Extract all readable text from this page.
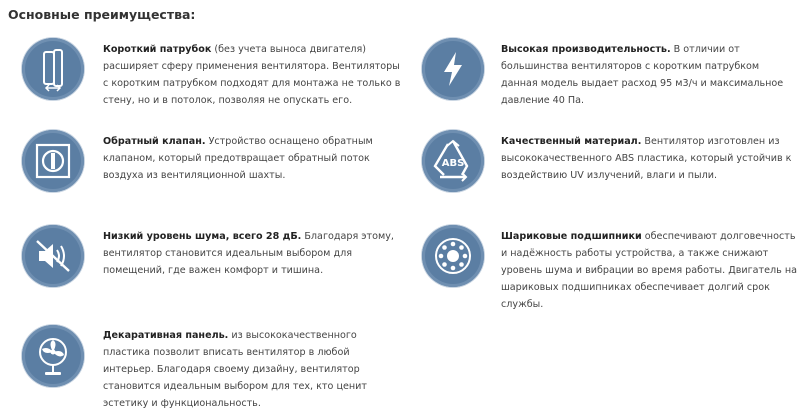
Основные преимущества:
Короткий патрубок (без учета выноса двигателя) расширяет сферу применения вентилятора. Вентиляторы с коротким патрубком подходят для монтажа не только в стену, но и в потолок, позволяя не опускать его.
Высокая производительность. В отличии от большинства вентиляторов с коротким патрубком данная модель выдает расход 95 м3/ч и максимальное давление 40 Па.
Обратный клапан. Устройство оснащено обратным клапаном, который предотвращает обратный поток воздуха из вентиляционной шахты.
ABS
Качественный материал. Вентилятор изготовлен из высококачественного ABS пластика, который устойчив к воздействию UV излучений, влаги и пыли.
Низкий уровень шума, всего 28 дБ. Благодаря этому, вентилятор становится идеальным выбором для помещений, где важен комфорт и тишина.
Шариковые подшипники обеспечивают долговечность и надёжность работы устройства, а также снижают уровень шума и вибрации во время работы. Двигатель на шариковых подшипниках обеспечивает долгий срок службы.
Декаративная панель. из высококачественного пластика позволит вписать вентилятор в любой интерьер. Благодаря своему дизайну, вентилятор становится идеальным выбором для тех, кто ценит эстетику и функциональность.
